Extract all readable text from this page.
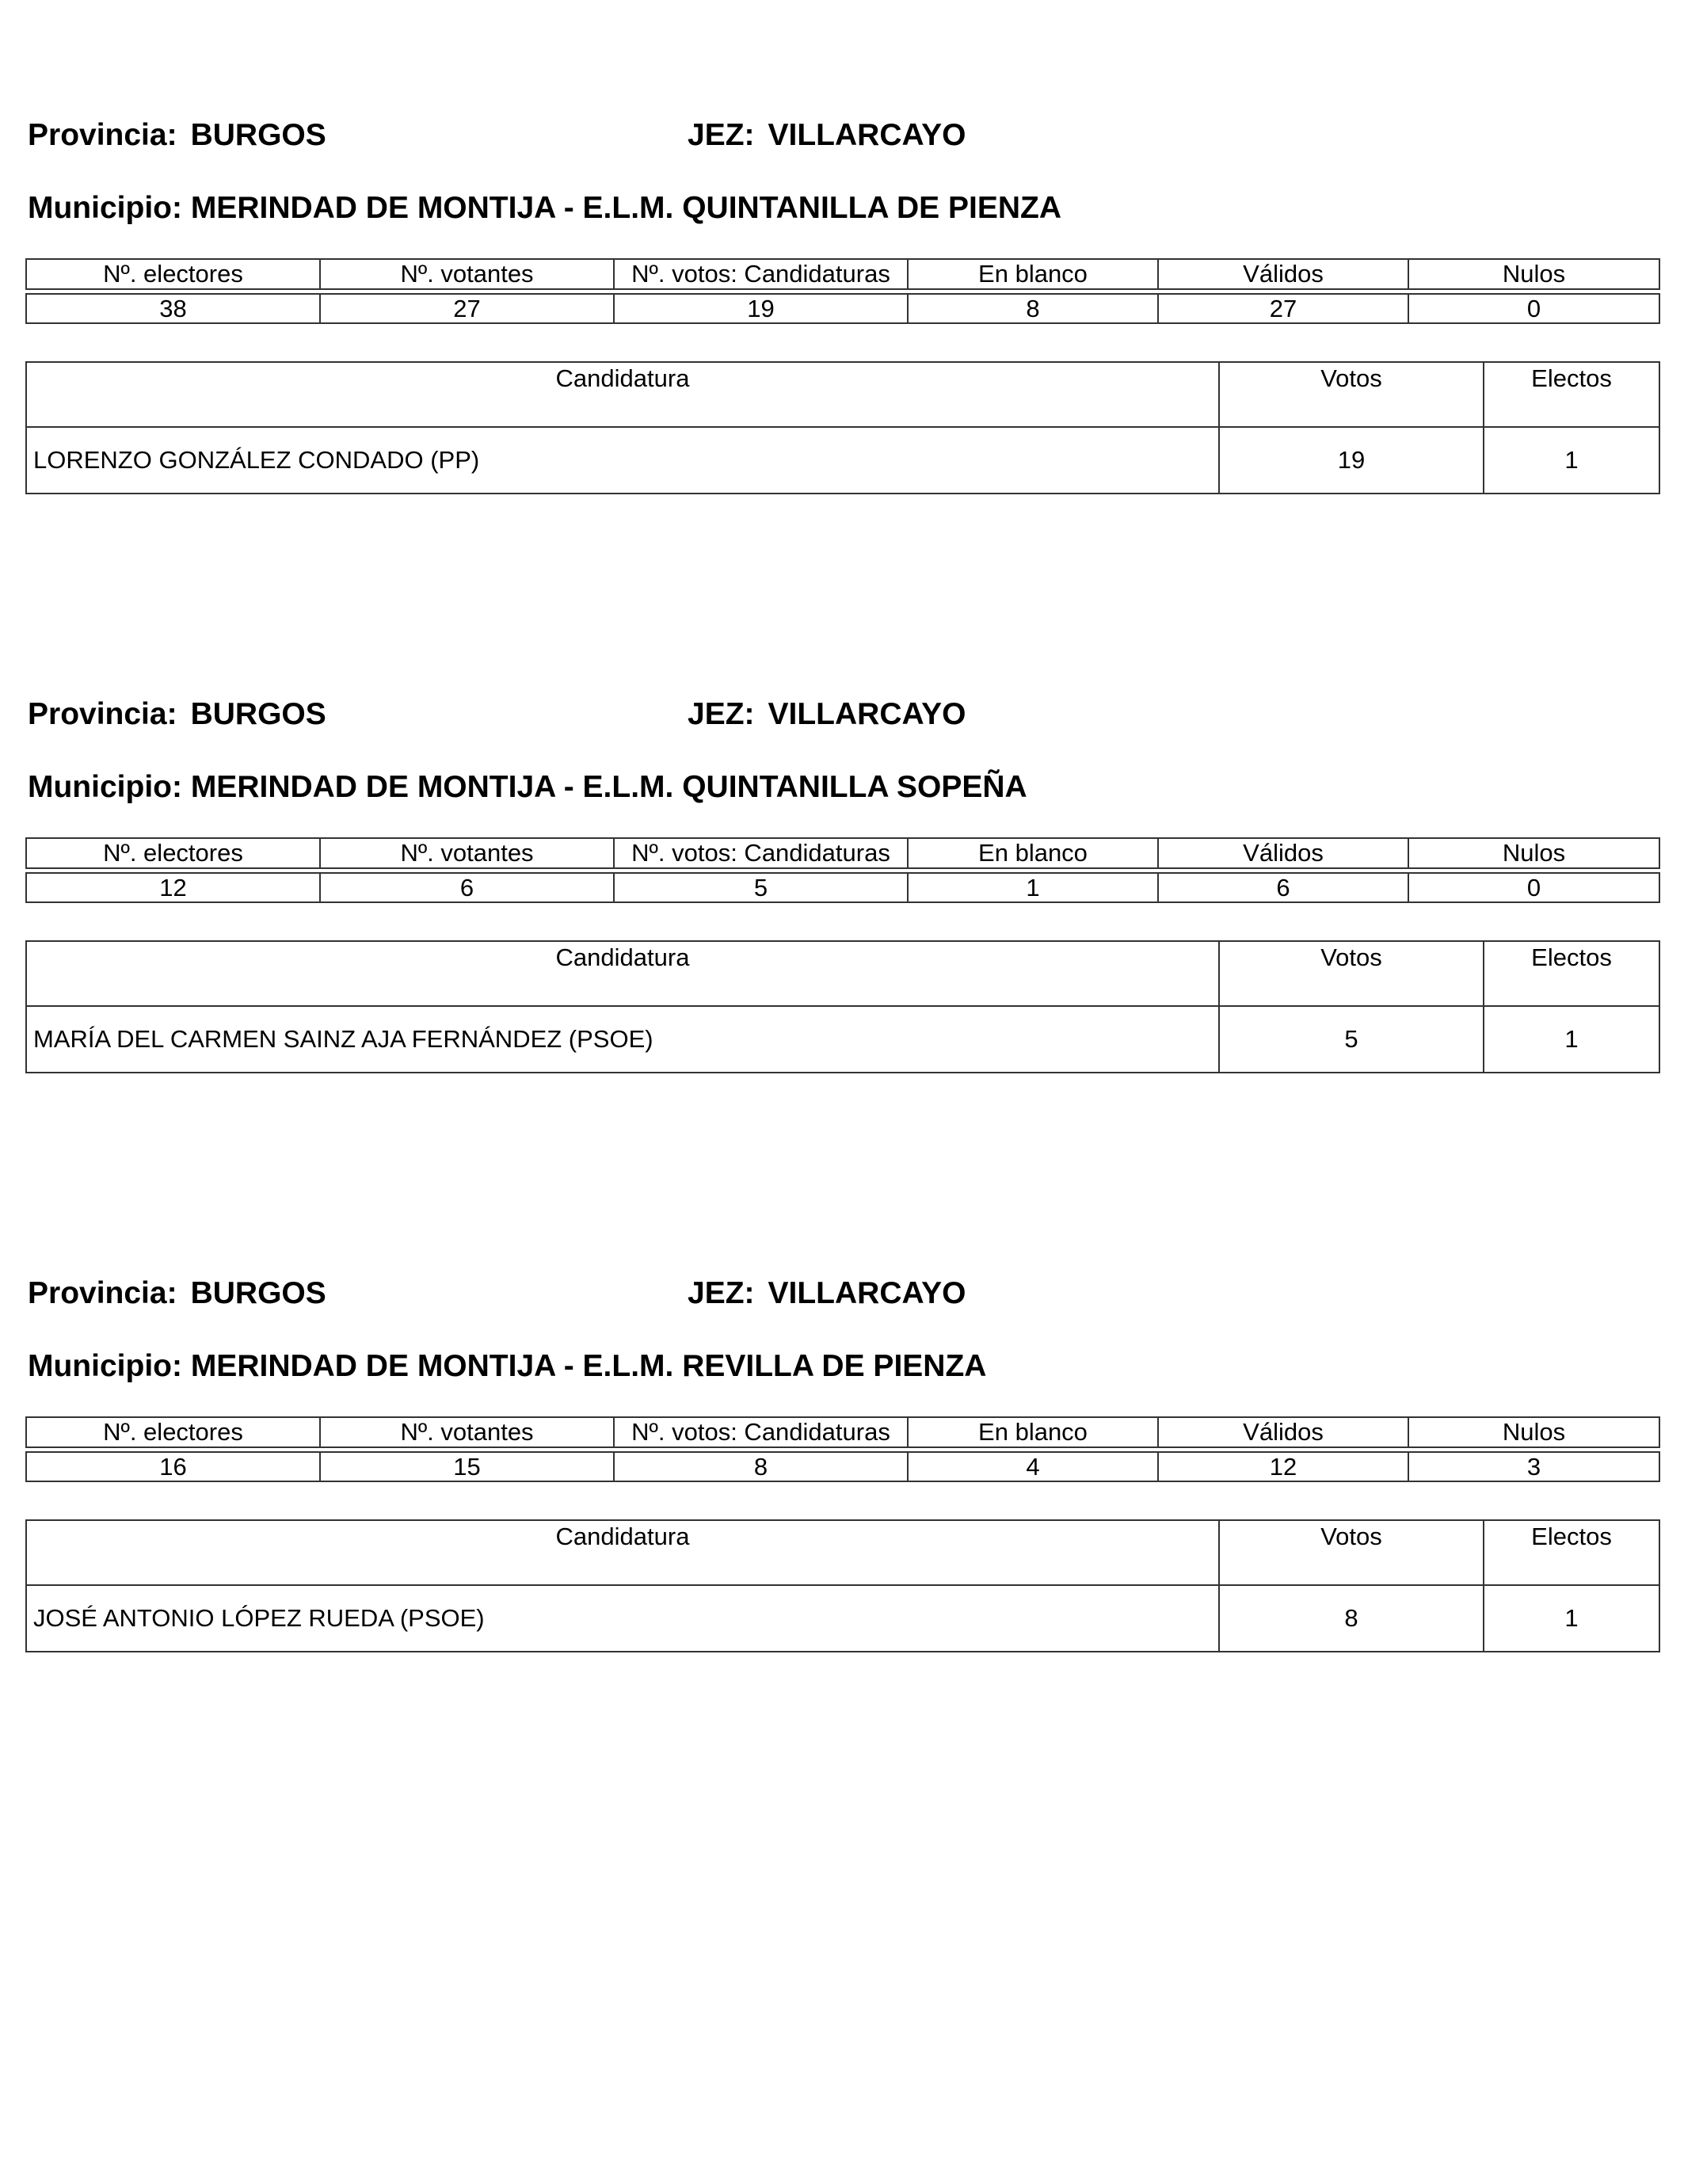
Provincia: BURGOS	JEZ: VILLARCAYO
Municipio: MERINDAD DE MONTIJA - E.L.M. QUINTANILLA DE PIENZA
Nº. electores	Nº. votantes	Nº. votos: Candidaturas	En blanco	Válidos	Nulos

38	27	19	8	27	0
Candidatura	Votos	Electos
LORENZO GONZÁLEZ CONDADO (PP)	19	1
Provincia: BURGOS	JEZ: VILLARCAYO
Municipio: MERINDAD DE MONTIJA - E.L.M. QUINTANILLA SOPEÑA
Nº. electores	Nº. votantes	Nº. votos: Candidaturas	En blanco	Válidos	Nulos

12	6	5	1	6	0
Candidatura	Votos	Electos
MARÍA DEL CARMEN SAINZ AJA FERNÁNDEZ (PSOE)	5	1
Provincia: BURGOS	JEZ: VILLARCAYO
Municipio: MERINDAD DE MONTIJA - E.L.M. REVILLA DE PIENZA
Nº. electores	Nº. votantes	Nº. votos: Candidaturas	En blanco	Válidos	Nulos

16	15	8	4	12	3
Candidatura	Votos	Electos
JOSÉ ANTONIO LÓPEZ RUEDA (PSOE)	8	1
